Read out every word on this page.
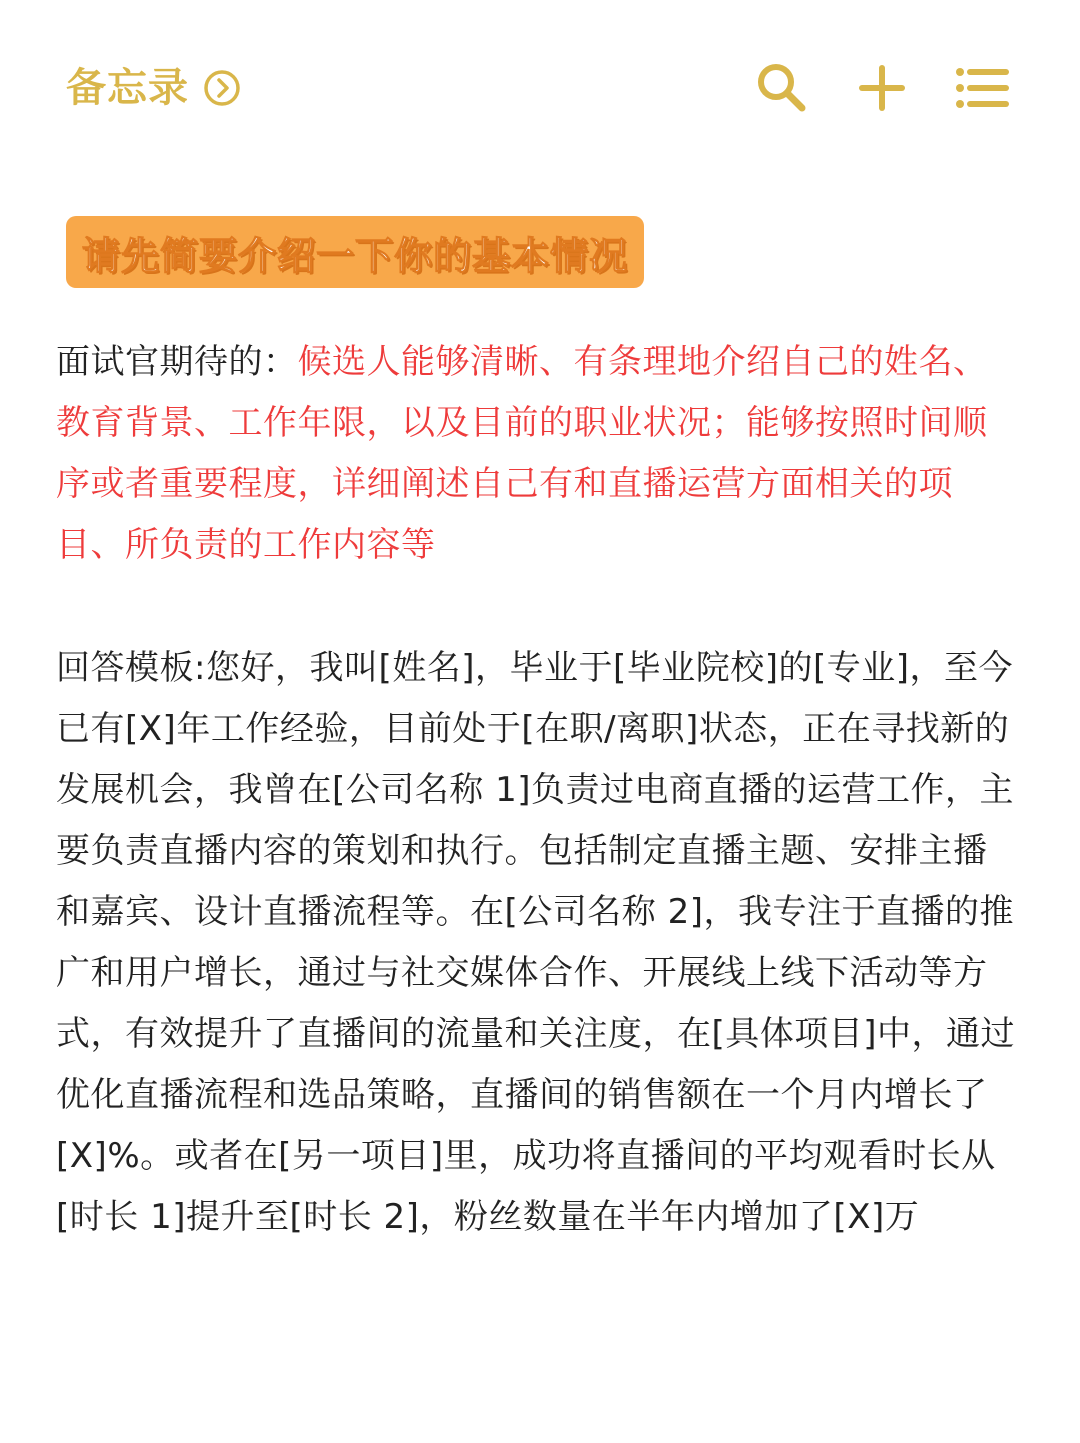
备忘录
请先简要介绍一下你的基本情况
面试官期待的：候选人能够清晰、有条理地介绍自己的姓名、教育背景、工作年限，以及目前的职业状况；能够按照时间顺序或者重要程度，详细阐述自己有和直播运营方面相关的项目、所负责的工作内容等
回答模板:您好，我叫[姓名]，毕业于[毕业院校]的[专业]，至今已有[X]年工作经验，目前处于[在职/离职]状态，正在寻找新的发展机会，我曾在[公司名称 1]负责过电商直播的运营工作，主要负责直播内容的策划和执行。包括制定直播主题、安排主播和嘉宾、设计直播流程等。在[公司名称 2]，我专注于直播的推广和用户增长，通过与社交媒体合作、开展线上线下活动等方式，有效提升了直播间的流量和关注度，在[具体项目]中，通过优化直播流程和选品策略，直播间的销售额在一个月内增长了[X]%。或者在[另一项目]里，成功将直播间的平均观看时长从[时长 1]提升至[时长 2]，粉丝数量在半年内增加了[X]万
